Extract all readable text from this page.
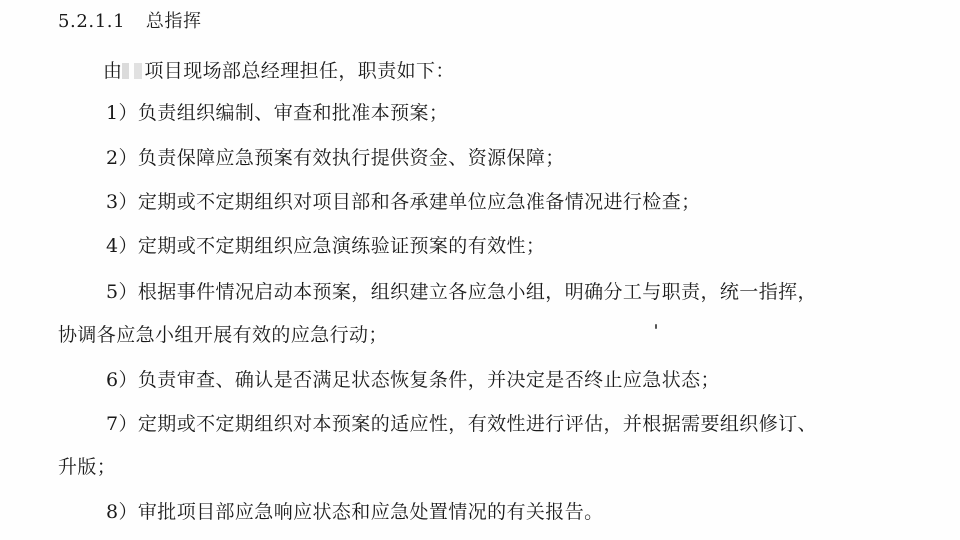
5.2.1.1 总指挥
由 项目现场部总经理担任，职责如下：
1）负责组织编制、审查和批准本预案；
2）负责保障应急预案有效执行提供资金、资源保障；
3）定期或不定期组织对项目部和各承建单位应急准备情况进行检查；
4）定期或不定期组织应急演练验证预案的有效性；
5）根据事件情况启动本预案，组织建立各应急小组，明确分工与职责，统一指挥，
协调各应急小组开展有效的应急行动；
6）负责审查、确认是否满足状态恢复条件，并决定是否终止应急状态；
7）定期或不定期组织对本预案的适应性，有效性进行评估，并根据需要组织修订、
升版；
8）审批项目部应急响应状态和应急处置情况的有关报告。
